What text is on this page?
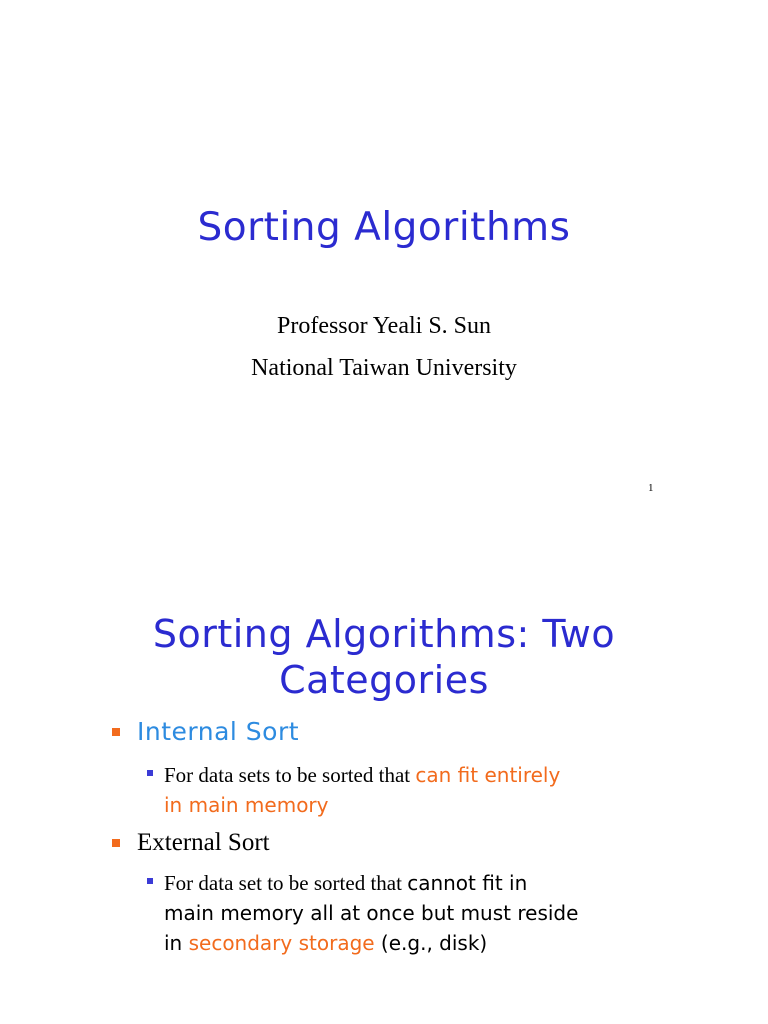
Sorting Algorithms
Professor Yeali S. Sun
National Taiwan University
1
Sorting Algorithms: Two
Categories
Internal Sort
For data sets to be sorted that can fit entirely
in main memory
External Sort
For data set to be sorted that cannot fit in
main memory all at once but must reside
in secondary storage (e.g., disk)
